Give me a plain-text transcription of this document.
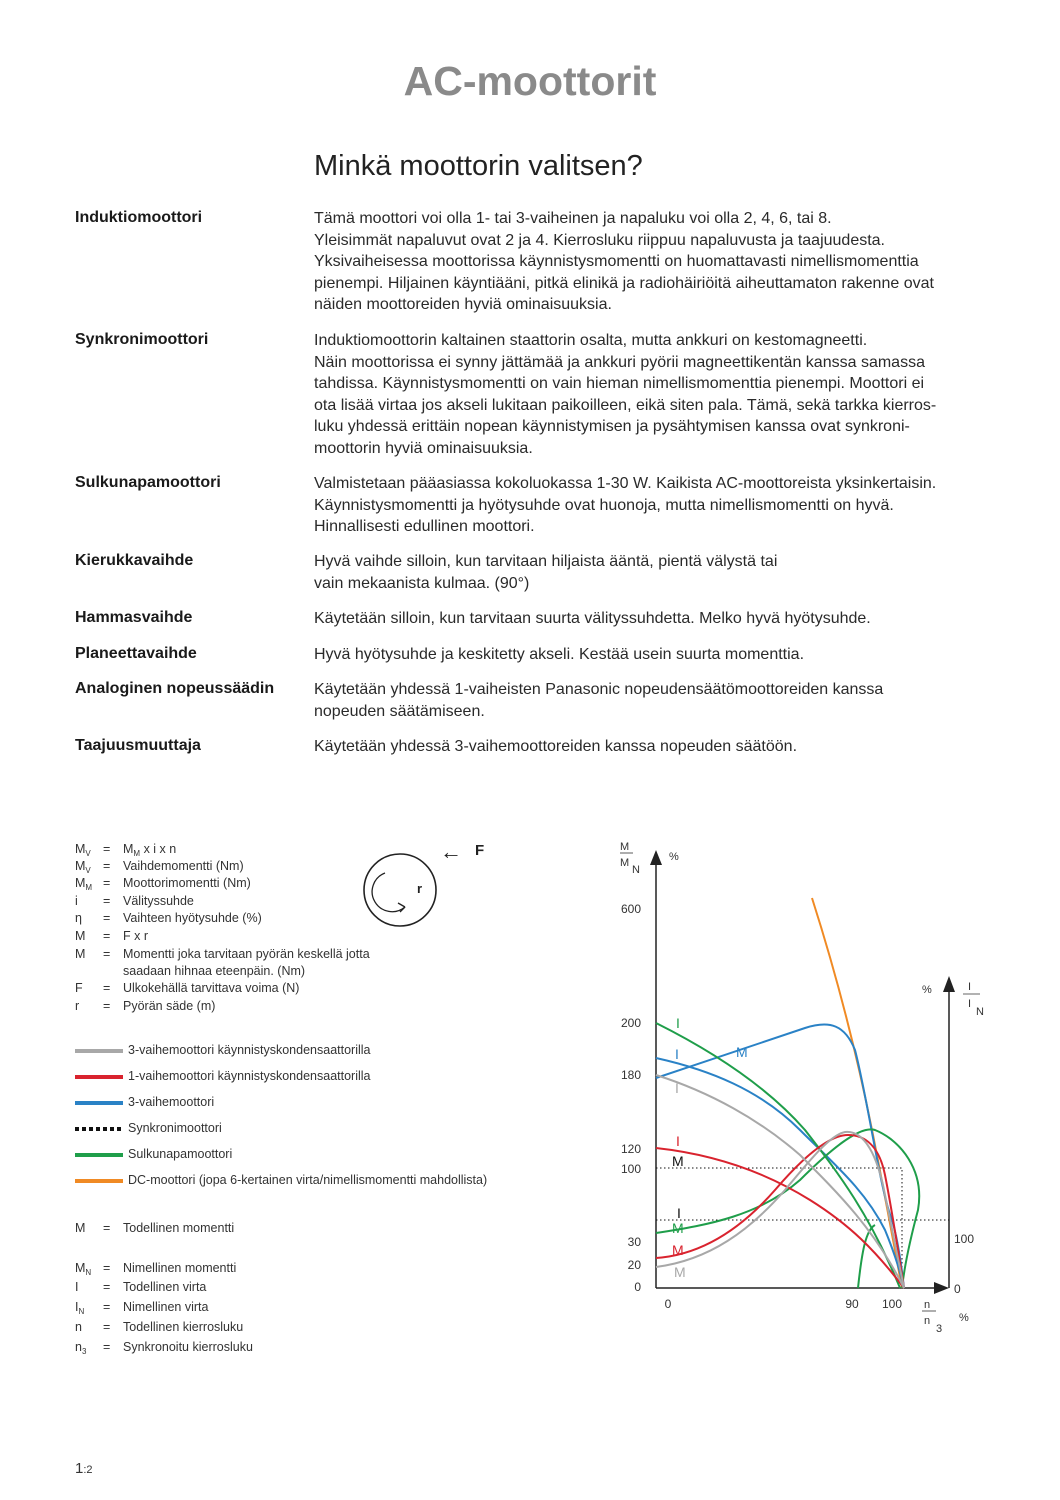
AC-moottorit
Minkä moottorin valitsen?
Induktiomoottori	Tämä moottori voi olla 1- tai 3-vaiheinen ja napaluku voi olla 2, 4, 6, tai 8.
Yleisimmät napaluvut ovat 2 ja 4. Kierrosluku riippuu napaluvusta ja taajuudesta.
Yksivaiheisessa moottorissa käynnistysmomentti on huomattavasti nimellismomenttia
pienempi. Hiljainen käyntiääni, pitkä elinikä ja radiohäiriöitä aiheuttamaton rakenne ovat
näiden moottoreiden hyviä ominaisuuksia.
Synkronimoottori	Induktiomoottorin kaltainen staattorin osalta, mutta ankkuri on kestomagneetti.
Näin moottorissa ei synny jättämää ja ankkuri pyörii magneettikentän kanssa samassa
tahdissa. Käynnistysmomentti on vain hieman nimellismomenttia pienempi. Moottori ei
ota lisää virtaa jos akseli lukitaan paikoilleen, eikä siten pala. Tämä, sekä tarkka kierros-
luku yhdessä erittäin nopean käynnistymisen ja pysähtymisen kanssa ovat synkroni-
moottorin hyviä ominaisuuksia.
Sulkunapamoottori	Valmistetaan pääasiassa kokoluokassa 1-30 W. Kaikista AC-moottoreista yksinkertaisin.
Käynnistysmomentti ja hyötysuhde ovat huonoja, mutta nimellismomentti on hyvä.
Hinnallisesti edullinen moottori.
Kierukkavaihde	Hyvä vaihde silloin, kun tarvitaan hiljaista ääntä, pientä välystä tai
vain mekaanista kulmaa. (90°)
Hammasvaihde	Käytetään silloin, kun tarvitaan suurta välityssuhdetta. Melko hyvä hyötysuhde.
Planeettavaihde	Hyvä hyötysuhde ja keskitetty akseli. Kestää usein suurta momenttia.
Analoginen nopeussäädin	Käytetään yhdessä 1-vaiheisten Panasonic nopeudensäätömoottoreiden kanssa
nopeuden säätämiseen.
Taajuusmuuttaja	Käytetään yhdessä 3-vaihemoottoreiden kanssa nopeuden säätöön.
← F
r
$M_V = M_M$ x i x n
$M_V$ = Vaihdemomentti (Nm)
$M_M$ = Moottorimomentti (Nm)
i = Välityssuhde
η = Vaihteen hyötysuhde (%)
M = F x r
M = Momentti joka tarvitaan pyörän keskellä jotta
saadaan hihnaa eteenpäin. (Nm)
F = Ulkokehällä tarvittava voima (N)
r = Pyörän säde (m)
3-vaihemoottori käynnistyskondensaattorilla
1-vaihemoottori käynnistyskondensaattorilla
3-vaihemoottori
Synkronimoottori
Sulkunapamoottori
DC-moottori (jopa 6-kertainen virta/nimellismomentti mahdollista)
M = Todellinen momentti
$M_N$ = Nimellinen momentti
I = Todellinen virta
$I_N$ = Nimellinen virta
n = Todellinen kierrosluku
$n_3$ = Synkronoitu kierrosluku
M
M
N
%
%	I
I
N
n
n
3
%
600
200
180
120
100
30
20
0
100
0
0	90 100
I
I	M
I
I
M
I
M
M
M
1:2
